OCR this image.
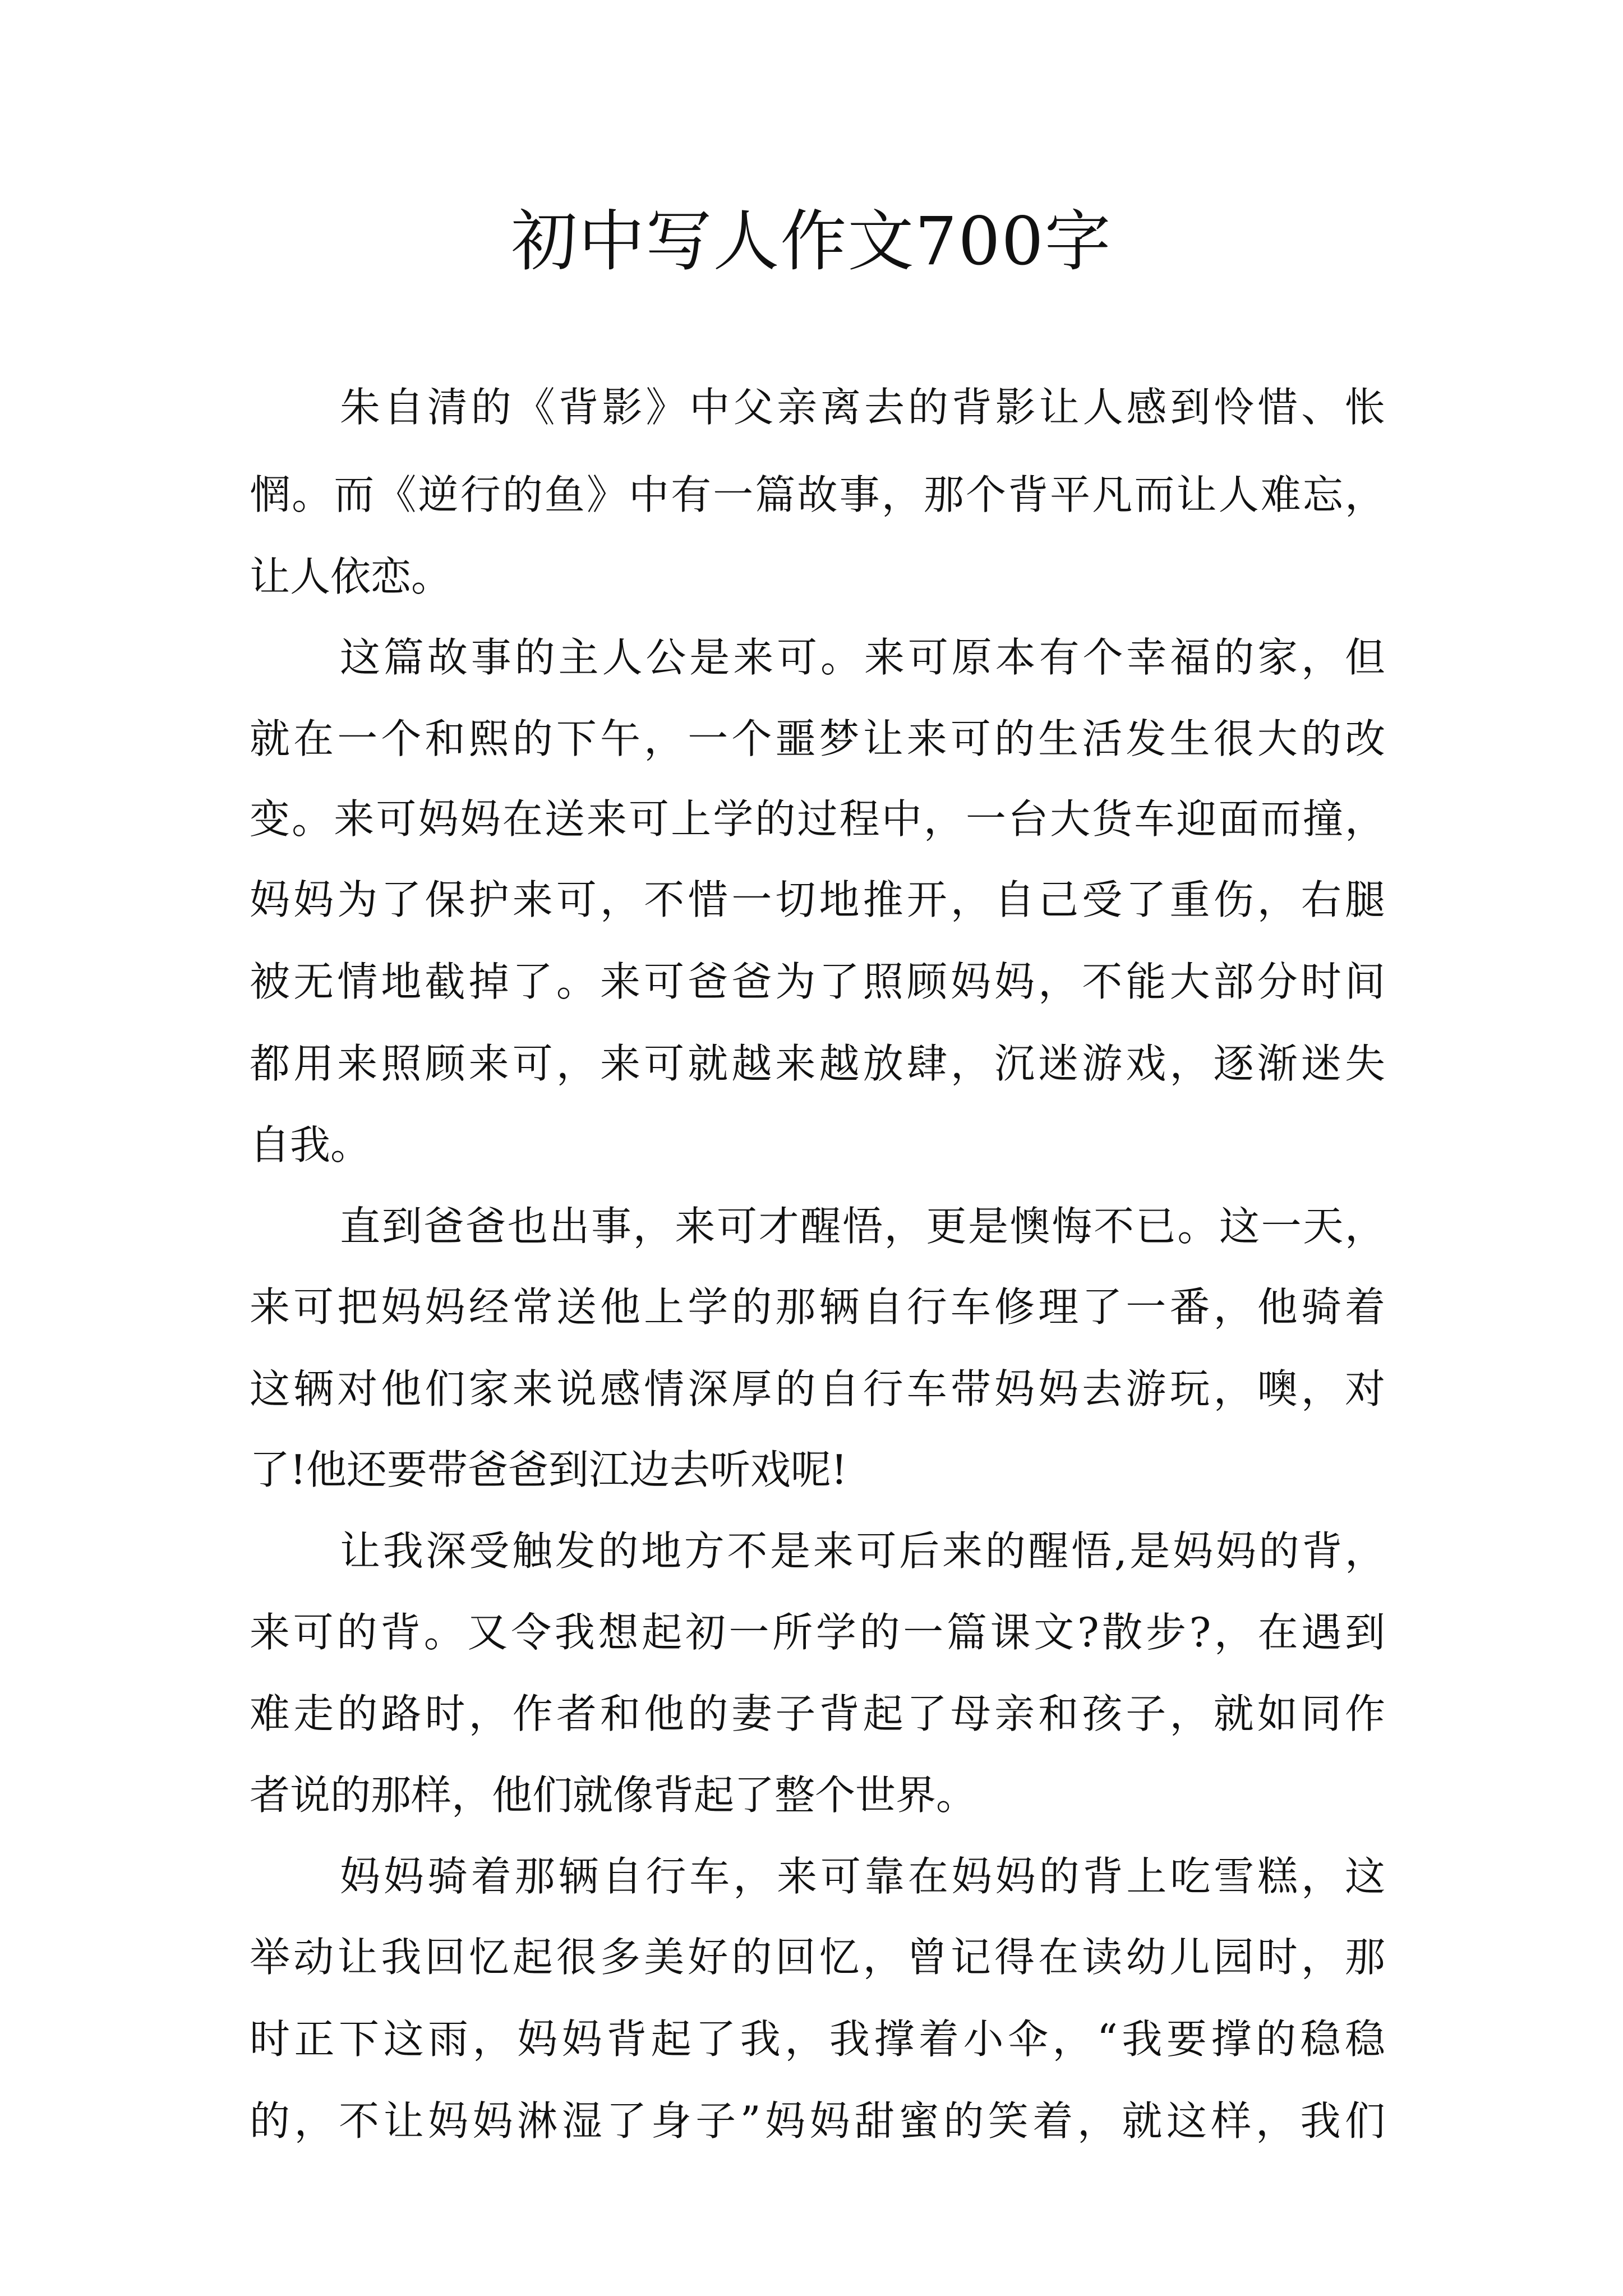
初中写人作文700字
朱自清的《背影》中父亲离去的背影让人感到怜惜、怅
惘。而《逆行的鱼》中有一篇故事，那个背平凡而让人难忘，
让人依恋。
这篇故事的主人公是来可。来可原本有个幸福的家，但
就在一个和熙的下午，一个噩梦让来可的生活发生很大的改
变。来可妈妈在送来可上学的过程中，一台大货车迎面而撞，
妈妈为了保护来可，不惜一切地推开，自己受了重伤，右腿
被无情地截掉了。来可爸爸为了照顾妈妈，不能大部分时间
都用来照顾来可，来可就越来越放肆，沉迷游戏，逐渐迷失
自我。
直到爸爸也出事，来可才醒悟，更是懊悔不已。这一天，
来可把妈妈经常送他上学的那辆自行车修理了一番，他骑着
这辆对他们家来说感情深厚的自行车带妈妈去游玩，噢，对
了!他还要带爸爸到江边去听戏呢!
让我深受触发的地方不是来可后来的醒悟,是妈妈的背，
来可的背。又令我想起初一所学的一篇课文?散步?，在遇到
难走的路时，作者和他的妻子背起了母亲和孩子，就如同作
者说的那样，他们就像背起了整个世界。
妈妈骑着那辆自行车，来可靠在妈妈的背上吃雪糕，这
举动让我回忆起很多美好的回忆，曾记得在读幼儿园时，那
时正下这雨，妈妈背起了我，我撑着小伞，“我要撑的稳稳
的，不让妈妈淋湿了身子”妈妈甜蜜的笑着，就这样，我们
